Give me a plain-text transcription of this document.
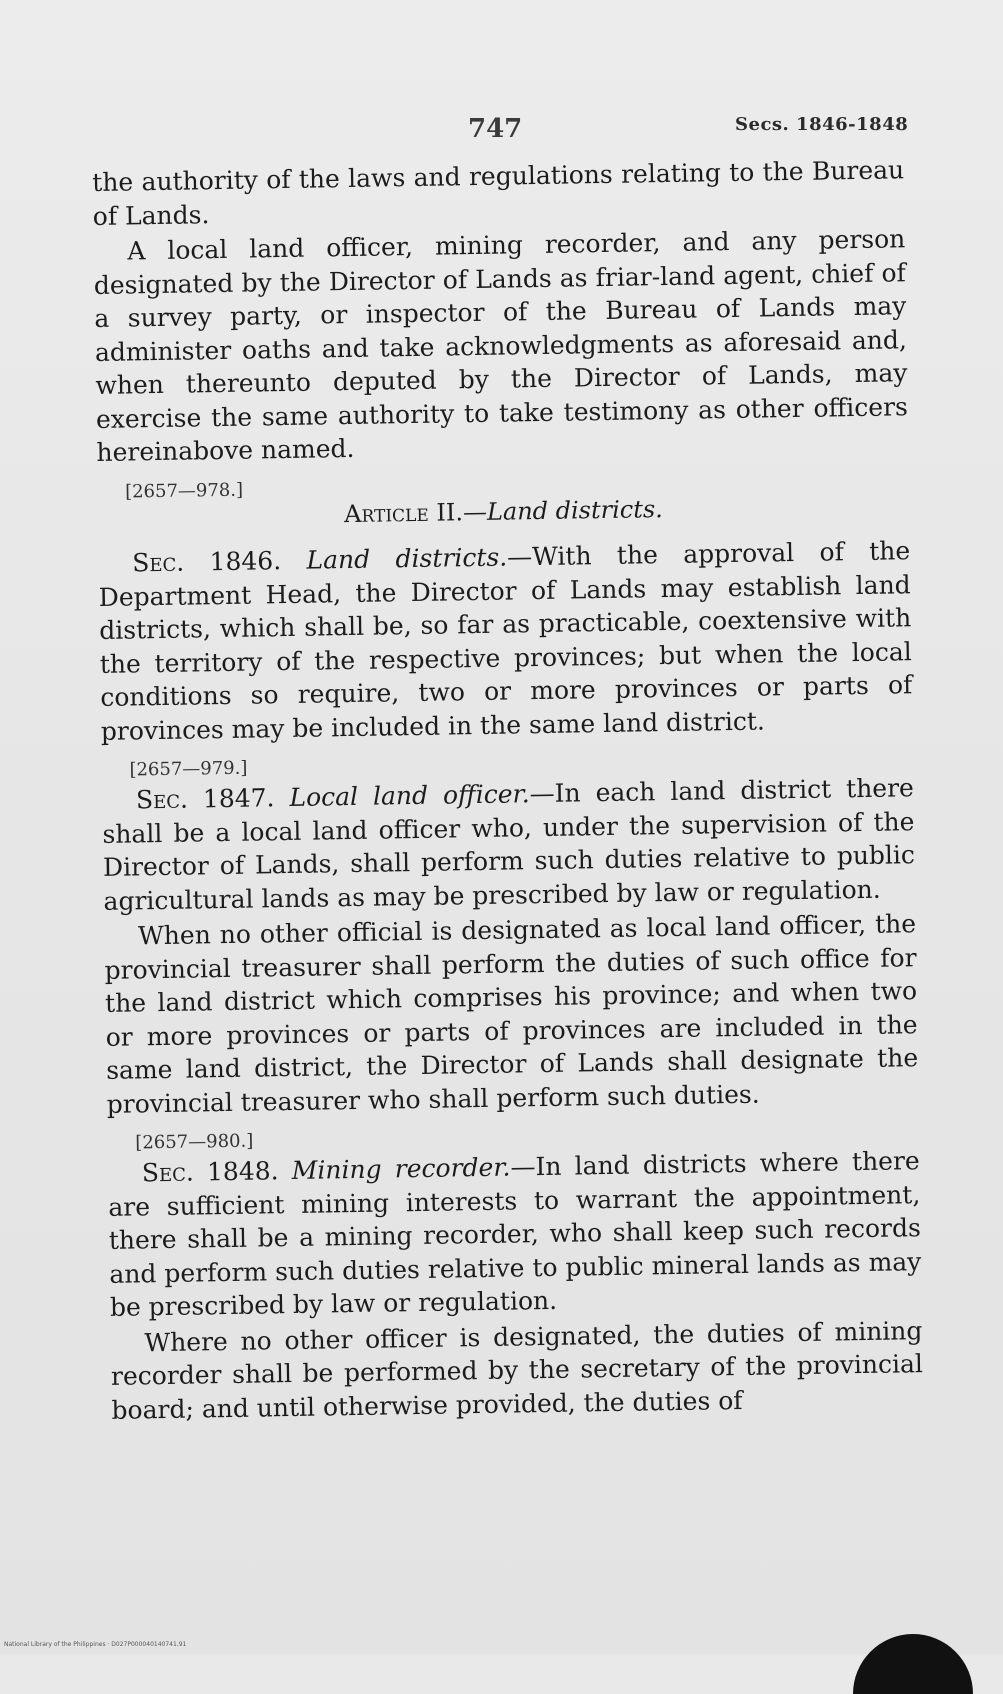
747	Secs. 1846-1848

the authority of the laws and regulations relating to the Bureau of Lands.

A local land officer, mining recorder, and any person designated by the Director of Lands as friar-land agent, chief of a survey party, or inspector of the Bureau of Lands may administer oaths and take acknowledgments as aforesaid and, when thereunto deputed by the Director of Lands, may exercise the same authority to take testimony as other officers hereinabove named.

[2657—978.]

Article II.—Land districts.

Sec. 1846. Land districts.—With the approval of the Department Head, the Director of Lands may establish land districts, which shall be, so far as practicable, coextensive with the territory of the respective provinces; but when the local conditions so require, two or more provinces or parts of provinces may be included in the same land district.

[2657—979.]

Sec. 1847. Local land officer.—In each land district there shall be a local land officer who, under the supervision of the Director of Lands, shall perform such duties relative to public agricultural lands as may be prescribed by law or regulation.

When no other official is designated as local land officer, the provincial treasurer shall perform the duties of such office for the land district which comprises his province; and when two or more provinces or parts of provinces are included in the same land district, the Director of Lands shall designate the provincial treasurer who shall perform such duties.

[2657—980.]

Sec. 1848. Mining recorder.—In land districts where there are sufficient mining interests to warrant the appointment, there shall be a mining recorder, who shall keep such records and perform such duties relative to public mineral lands as may be prescribed by law or regulation.

Where no other officer is designated, the duties of mining recorder shall be performed by the secretary of the provincial board; and until otherwise provided, the duties of

National Library of the Philippines · D027P000040140741.91
